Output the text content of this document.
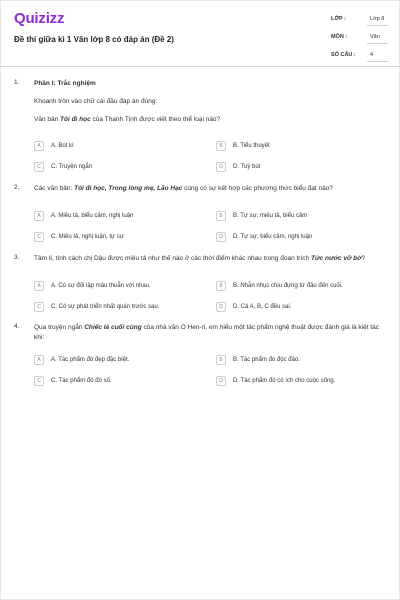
Quizizz
Đề thi giữa kì 1 Văn lớp 8 có đáp án (Đề 2)
LỚP :	Lớp 8
MÔN :	Văn
SỐ CÂU :	4
1. Phần I: Trắc nghiệm
Khoanh tròn vào chữ cái đầu đáp án đúng:
Văn bản Tôi đi học của Thanh Tịnh được viết theo thể loại nào?
A	A. Bút kí	B	B. Tiểu thuyết
C	C. Truyện ngắn	D	D. Tuỳ bút
2. Các văn bản: Tôi đi học, Trong lòng mẹ, Lão Hạc cùng có sự kết hợp các phương thức biểu đạt nào?
A	A. Miêu tả, biểu cảm, nghị luận	B	B. Tự sự, miêu tả, biểu cảm
C	C. Miêu tả, nghị luận, tự sự	D	D. Tự sự, biểu cảm, nghị luận
3. Tâm lí, tính cách chị Dậu được miêu tả như thế nào ở các thời điểm khác nhau trong đoạn trích Tức nước vỡ bờ?
A	A. Có sự đối lập mâu thuẫn với nhau.	B	B. Nhẫn nhục chịu đựng từ đầu đến cuối.
C	C. Có sự phát triển nhất quán trước sau.	D	D. Cả A, B, C đều sai.
4. Qua truyện ngắn Chiếc lá cuối cùng của nhà văn O Hen-ri, em hiểu một tác phẩm nghệ thuật được đánh giá là kiệt tác khi:
A	A. Tác phẩm đó đẹp đặc biệt.	B	B. Tác phẩm đó độc đáo.
C	C. Tác phẩm đó đó số.	D	D. Tác phẩm đó có ích cho cuộc sống.
